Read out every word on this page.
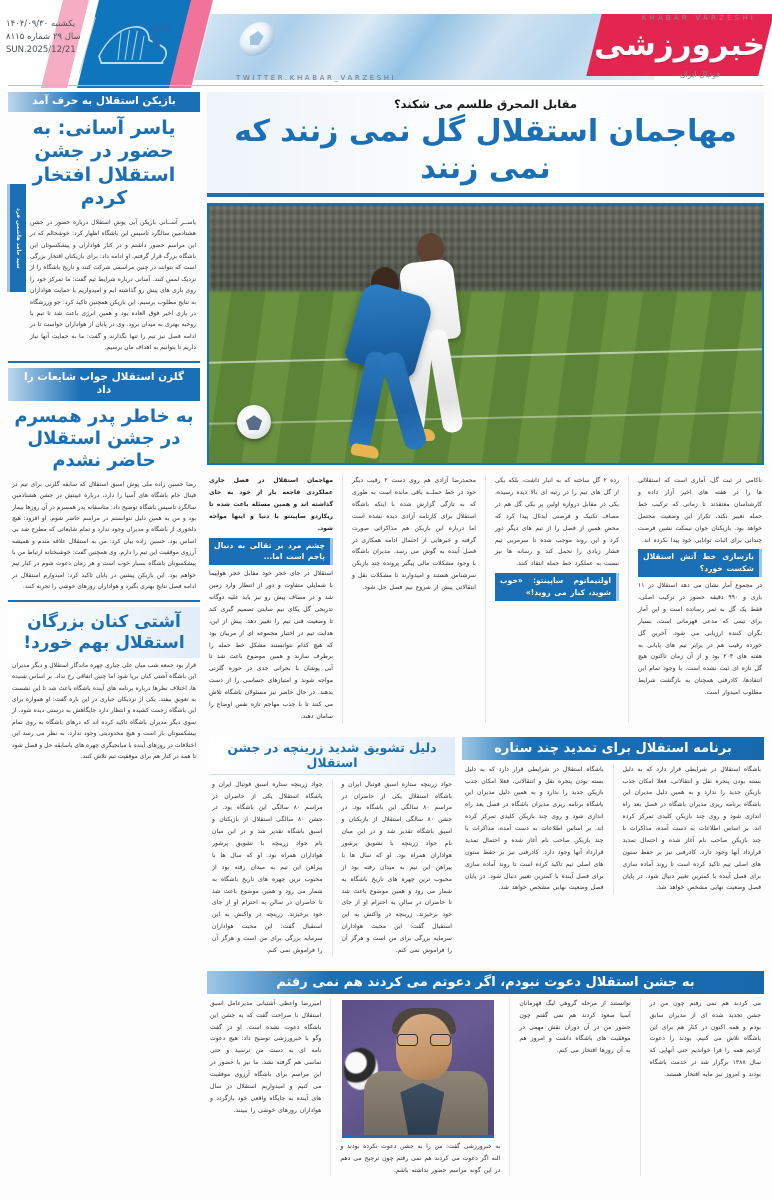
خبرورزشی
KHABAR VARZESHI
فوتبال ایران
یکشنبه ۱۴۰۴/۰۹/۳۰
سال ۲۹ شماره ۸۱۱۵
SUN.2025/12/21 ۳
TWITTER.KHABAR_VARZESHI
مقابل المحرق طلسم می شکند؟
مهاجمان استقلال گل نمی زنند که نمی زنند
ناکامی در ثبت گل، آماری است که استقلالی ها را در هفته های اخیر آزار داده و کارشناسان معتقدند تا زمانی که ترکیب خط حمله تغییر نکند، تکرار این وضعیت محتمل خواهد بود. بازیکنان جوان نیمکت نشین فرصت چندانی برای اثبات توانایی خود پیدا نکرده اند.
بازسازی خط آتش استقلال شکست خورد؟
در مجموع آمار نشان می دهد استقلال در ۱۱ بازی و ۹۹۰ دقیقه حضور در ترکیب اصلی، فقط یک گل به ثمر رسانده است و این آمار برای تیمی که مدعی قهرمانی است، بسیار نگران کننده ارزیابی می شود. آخرین گل خورده رقیب هم در برابر تیم های پایانی به هفته های ۲۰۴ بود و از آن زمان تاکنون هیچ گل تازه ای ثبت نشده است. با وجود تمام این انتقادها، کادرفنی همچنان به بازگشت شرایط مطلوب امیدوار است.
رده ۲ گل ساخته که به انبار داشت، بلکه یکی از گل های تیم را در رتبه ای بالا دیده رسیده، یکی در مقابل دروازه اولین پر یکی گل هم در مصاف تکنیک و فرصتی ایدئال پیدا کرد که محض همین از فصل را از تیم های دیگر دور کرد و این روند موجب شده تا سرمربی تیم فشار زیادی را تحمل کند و رسانه ها نیز نسبت به عملکرد خط حمله انتقاد کنند.
اولتیماتوم ساپینتو: «خوب شوید، کنار می روید!»
محمدرضا آزادی هم روی دست ۲ رقیب دیگر خود در خط حملــه باقی مانده است به طوری که به تازگی گزارش شده با اینکه باشگاه استقلال برای کارنامه آزادی دیده نشده است اما درباره این بازیکن هم مذاکراتی صورت گرفته و خبرهایی از احتمال ادامه همکاری در فصل آینده به گوش می رسد. مدیران باشگاه با وجود مشکلات مالی پیگیر پرونده چند بازیکن سرشناس هستند و امیدوارند تا مشکلات نقل و انتقالاتی پیش از شروع نیم فصل حل شود.
مهاجمان استقلال در فصل جاری عملکردی فاجعه بار از خود به جای گذاشته اند و همین مسئله باعث شده تا ریکاردو ساپینتو با دنیا و اینها مواجه شود.
چشم مرد بر تقالی به دنبال پاجم است اما...
استقلال در جای خجر خود مقابل خجر هواپیما با شمایلی متفاوت و دور از انتظار وارد زمین شد و در مصاف پیش رو نیز باید علیه دوگانه تدریجی گل یکای نیم سایتی تصمیم گیری کند تا وضعیت فنی تیم را تغییر دهد. پیش از این، هدایت تیم در اختیار مجموعه ای از مربیان بود که هیچ کدام نتوانستند مشکل خط حمله را برطرف سازند و همین موضوع باعث شد تا آبی پوشان با بحرانی جدی در حوزه گلزنی مواجه شوند و امتیازهای حساسی را از دست بدهند. در حال حاضر نیز مسئولان باشگاه تلاش می کنند تا با جذب مهاجم تازه نفس اوضاع را سامان دهند.
برنامه استقلال برای تمدید چند ستاره
باشگاه استقلال در شرایطی قرار دارد که به دلیل بسته بودن پنجره نقل و انتقالاتی، فعلا امکان جذب بازیکن جدید را ندارد و به همین دلیل مدیران این باشگاه برنامه ریزی مدیران باشگاه در فصل بعد راه اندازی شود و روی چند بازیکن کلیدی تمرکز کرده اند. بر اساس اطلاعات به دست آمده، مذاکرات با چند بازیکن صاحب نام آغاز شده و احتمال تمدید قرارداد آنها وجود دارد. کادرفنی نیز بر حفظ ستون های اصلی تیم تاکید کرده است تا روند آماده سازی برای فصل آینده با کمترین تغییر دنبال شود. در پایان فصل وضعیت نهایی مشخص خواهد شد.
باشگاه استقلال در شرایطی قرار دارد که به دلیل بسته بودن پنجره نقل و انتقالاتی، فعلا امکان جذب بازیکن جدید را ندارد و به همین دلیل مدیران این باشگاه برنامه ریزی مدیران باشگاه در فصل بعد راه اندازی شود و روی چند بازیکن کلیدی تمرکز کرده اند. بر اساس اطلاعات به دست آمده، مذاکرات با چند بازیکن صاحب نام آغاز شده و احتمال تمدید قرارداد آنها وجود دارد. کادرفنی نیز بر حفظ ستون های اصلی تیم تاکید کرده است تا روند آماده سازی برای فصل آینده با کمترین تغییر دنبال شود. در پایان فصل وضعیت نهایی مشخص خواهد شد.
دلیل تشویق شدید زرینچه در جشن استقلال
جواد زرینچه ستاره اسبق فوتبال ایران و باشگاه استقلال یکی از حاضران در مراسم ۸۰ سالگی این باشگاه بود. در جشن ۸۰ سالگی استقلال از بازیکنان و اسبق باشگاه تقدیر شد و در این میان نام جواد زرینچه با تشویق پرشور هواداران همراه بود. او که سال ها با پیراهن این تیم به میدان رفته بود از محبوب ترین چهره های تاریخ باشگاه به شمار می رود و همین موضوع باعث شد تا حاضران در سالن به احترام او از جای خود برخیزند. زرینچه در واکنش به این استقبال گفت: این محبت هواداران سرمایه بزرگی برای من است و هرگز آن را فراموش نمی کنم.
جواد زرینچه ستاره اسبق فوتبال ایران و باشگاه استقلال یکی از حاضران در مراسم ۸۰ سالگی این باشگاه بود. در جشن ۸۰ سالگی استقلال از بازیکنان و اسبق باشگاه تقدیر شد و در این میان نام جواد زرینچه با تشویق پرشور هواداران همراه بود. او که سال ها با پیراهن این تیم به میدان رفته بود از محبوب ترین چهره های تاریخ باشگاه به شمار می رود و همین موضوع باعث شد تا حاضران در سالن به احترام او از جای خود برخیزند. زرینچه در واکنش به این استقبال گفت: این محبت هواداران سرمایه بزرگی برای من است و هرگز آن را فراموش نمی کنم.
به جشن استقلال دعوت نبودم، اگر دعوتم می کردند هم نمی رفتم
می کردند هم نمی رفتم چون من در جشن تجدید شده ای از مدیران سابق بودم و همه اکنون در کنار هم برای این باشگاه تلاش می کنیم. بودند را دعوت کردیم همه را فرا خواندیم حتی آنهایی که سال ۱۳۸۸ برگزار شد در خدمت باشگاه بودند و امروز نیز مایه افتخار هستند.
توانستند از مرحله گروهی لیگ قهرمانان آسیا صعود کردند هم نمی گفتم چون حضور من در آن دوران نقش مهمی در موفقیت های باشگاه داشت و امروز هم به آن روزها افتخار می کنم.
به خبرورزشی گفت: من را به جشن دعوت نکرده بودند و النه اگر دعوت می کردند هم نمی رفتم چون ترجیح می دهم در این گونه مراسم حضور نداشته باشم.
امیررضا واعظی آشتیانی مدیرعامل اسبق استقلال با صراحت گفت که به جشن این باشگاه دعوت نشده است. او در گفت وگو با خبرورزشی توضیح داد: هیچ دعوت نامه ای به دست من نرسید و حتی تماسی هم گرفته نشد. ما نیز با حضور در این مراسم برای باشگاه آرزوی موفقیت می کنیم و امیدواریم استقلال در سال های آینده به جایگاه واقعی خود بازگردد و هواداران روزهای خوشی را ببینند.
بازیکن استقلال به حرف آمد
یاسر آسانی: به حضور در جشن استقلال افتخار کردم
سید حامد هاشمی فرد	یاســر آســانی بازیکن آبی پوش استقلال درباره حضور در جشن هشتادمین سالگرد تاسیس این باشگاه اظهار کرد: خوشحالم که در این مراسم حضور داشتم و در کنار هواداران و پیشکسوتان این باشگاه بزرگ قرار گرفتم. او ادامه داد: برای بازیکنان افتخار بزرگی است که بتوانند در چنین مراسمی شرکت کنند و تاریخ باشگاه را از نزدیک لمس کنند. آسانی درباره شرایط تیم گفت: ما تمرکز خود را روی بازی های پیش رو گذاشته ایم و امیدواریم با حمایت هواداران به نتایج مطلوب برسیم. این بازیکن همچنین تاکید کرد: جو ورزشگاه در بازی اخیر فوق العاده بود و همین انرژی باعث شد تا تیم با روحیه بهتری به میدان برود. وی در پایان از هواداران خواست تا در ادامه فصل نیز تیم را تنها نگذارند و گفت: ما به حمایت آنها نیاز داریم تا بتوانیم به اهداف مان برسیم.
گلزن استقلال جواب شایعات را داد
به خاطر پدر همسرم در جشن استقلال حاضر نشدم
رضا حسین زاده ملی پوش اسبق استقلال که سابقه گلزنی برای تیم در فینال جام باشگاه های آسیا را دارد، درباره غیبتش در جشن هشتادمین سالگرد تاسیس باشگاه توضیح داد: متاسفانه پدر همسرم در آن روزها بیمار بود و من به همین دلیل نتوانستم در مراسم حاضر شوم. او افزود: هیچ دلخوری از باشگاه و مدیران وجود ندارد و تمام شایعاتی که مطرح شد بی اساس بود. حسین زاده بیان کرد: من به استقلال علاقه مندم و همیشه آرزوی موفقیت این تیم را دارم. وی همچنین گفت: خوشبختانه ارتباط من با پیشکسوتان باشگاه بسیار خوب است و هر زمان دعوت شوم در کنار تیم خواهم بود. این بازیکن پیشین در پایان تاکید کرد: امیدوارم استقلال در ادامه فصل نتایج بهتری بگیرد و هواداران روزهای خوشی را تجربه کنند.
آشتی کنان بزرگان استقلال بهم خورد!
قرار بود جمعه شب میان علی جباری چهره ماندگار استقلال و دیگر مدیران این باشگاه آشتی کنان برپا شود اما چنین اتفاقی رخ نداد. بر اساس شنیده ها، اختلاف نظرها درباره برنامه های آینده باشگاه باعث شد تا این نشست به تعویق بیفتد. یکی از نزدیکان جباری در این باره گفت: او همواره برای این باشگاه زحمت کشیده و انتظار دارد جایگاهش به درستی دیده شود. از سوی دیگر مدیران باشگاه تاکید کرده اند که درهای باشگاه به روی تمام پیشکسوتان باز است و هیچ محدودیتی وجود ندارد. به نظر می رسد این اختلافات در روزهای آینده با میانجیگری چهره های باسابقه حل و فصل شود تا همه در کنار هم برای موفقیت تیم تلاش کنند.
